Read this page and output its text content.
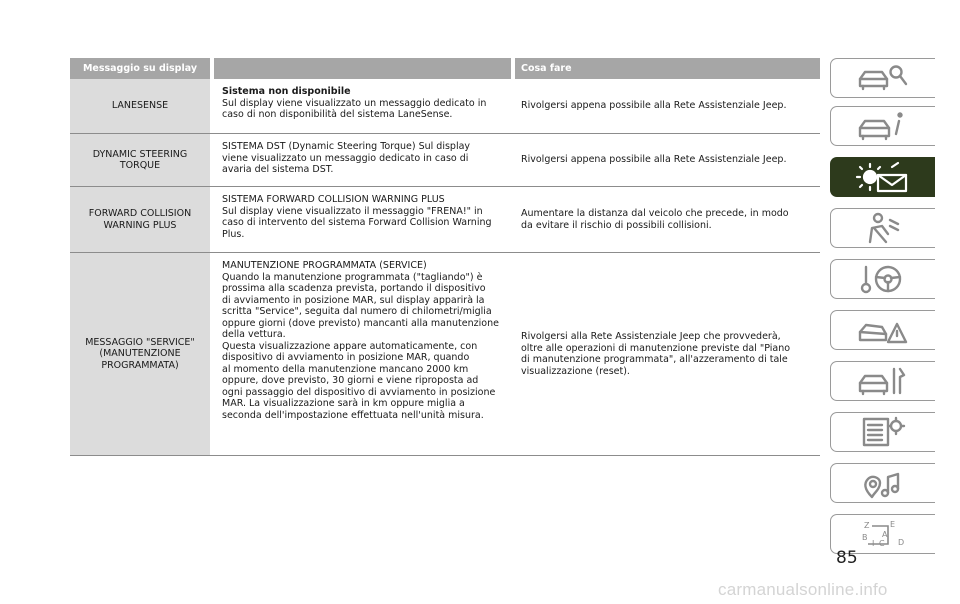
Messaggio su display	Cosa fare
LANESENSE
Sistema non disponibile
Sul display viene visualizzato un messaggio dedicato in
caso di non disponibilità del sistema LaneSense.
Rivolgersi appena possibile alla Rete Assistenziale Jeep.
DYNAMIC STEERING
TORQUE
SISTEMA DST (Dynamic Steering Torque) Sul display
viene visualizzato un messaggio dedicato in caso di
avaria del sistema DST.
Rivolgersi appena possibile alla Rete Assistenziale Jeep.
FORWARD COLLISION
WARNING PLUS
SISTEMA FORWARD COLLISION WARNING PLUS
Sul display viene visualizzato il messaggio "FRENA!" in
caso di intervento del sistema Forward Collision Warning
Plus.
Aumentare la distanza dal veicolo che precede, in modo
da evitare il rischio di possibili collisioni.
MESSAGGIO "SERVICE"
(MANUTENZIONE
PROGRAMMATA)
MANUTENZIONE PROGRAMMATA (SERVICE)
Quando la manutenzione programmata ("tagliando") è
prossima alla scadenza prevista, portando il dispositivo
di avviamento in posizione MAR, sul display apparirà la
scritta "Service", seguita dal numero di chilometri/miglia
oppure giorni (dove previsto) mancanti alla manutenzione
della vettura.
Questa visualizzazione appare automaticamente, con
dispositivo di avviamento in posizione MAR, quando
al momento della manutenzione mancano 2000 km
oppure, dove previsto, 30 giorni e viene riproposta ad
ogni passaggio del dispositivo di avviamento in posizione
MAR. La visualizzazione sarà in km oppure miglia a
seconda dell'impostazione effettuata nell'unità misura.
Rivolgersi alla Rete Assistenziale Jeep che provvederà,
oltre alle operazioni di manutenzione previste dal "Piano
di manutenzione programmata", all'azzeramento di tale
visualizzazione (reset).
Z	E
B A
I C D
85
carmanualsonline.info
